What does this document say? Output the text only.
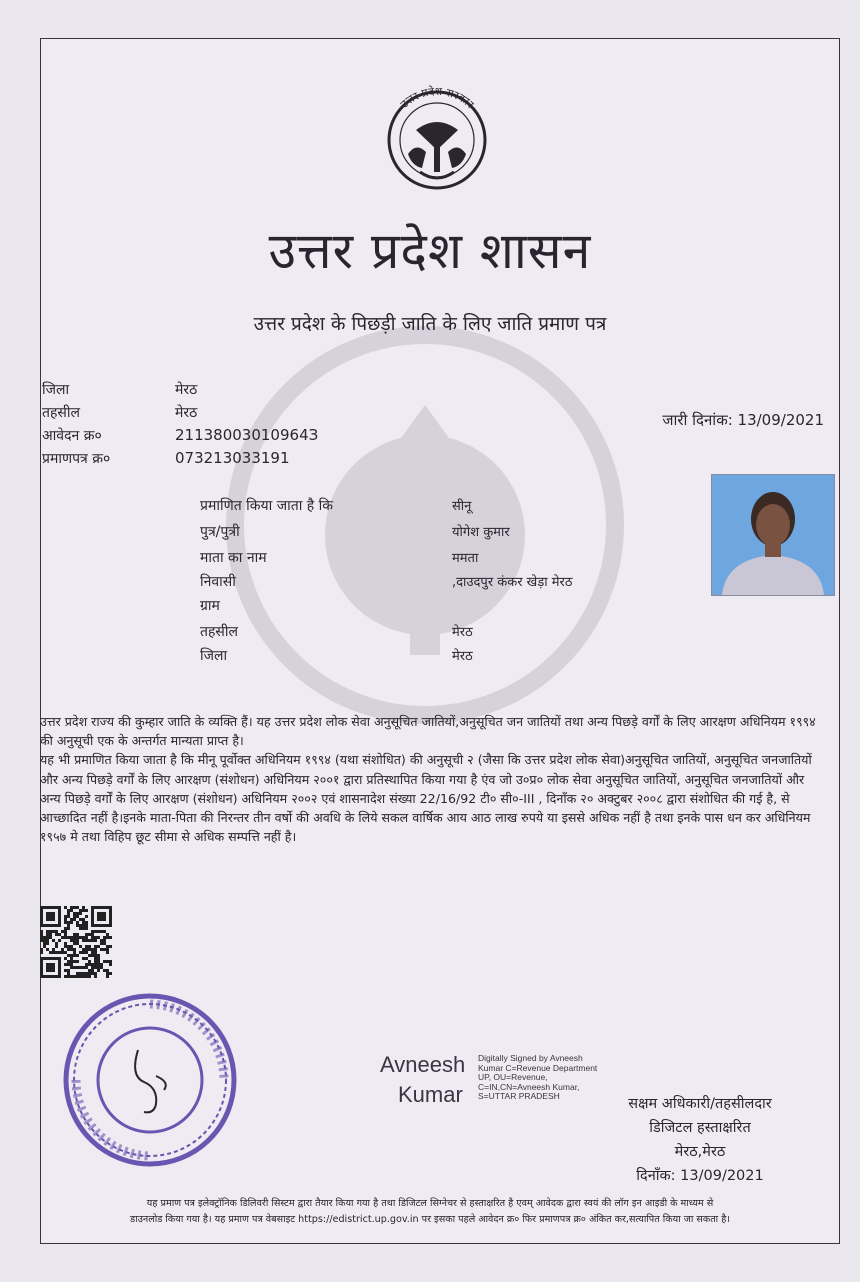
उत्तर प्रदेश सरकार
उत्तर प्रदेश शासन
उत्तर प्रदेश के पिछड़ी जाति के लिए जाति प्रमाण पत्र
जिला	मेरठ
तहसील	मेरठ
आवेदन क्र०	21138003010964З
प्रमाणपत्र क्र०	073213033191
जारी दिनांक: 13/09/2021
प्रमाणित किया जाता है कि	सीनू
पुत्र/पुत्री	योगेश कुमार
माता का नाम	ममता
निवासी	,दाउदपुर कंकर खेड़ा मेरठ
ग्राम
तहसील	मेरठ
जिला	मेरठ
उत्तर प्रदेश राज्य की कुम्हार जाति के व्यक्ति हैं। यह उत्तर प्रदेश लोक सेवा अनुसूचित जातियों,अनुसूचित जन जातियों तथा अन्य पिछड़े वर्गों के लिए आरक्षण अधिनियम १९९४ की अनुसूची एक के अन्तर्गत मान्यता प्राप्त है।
यह भी प्रमाणित किया जाता है कि मीनू पूर्वोक्त अधिनियम १९९४ (यथा संशोधित) की अनुसूची २ (जैसा कि उत्तर प्रदेश लोक सेवा)अनुसूचित जातियों, अनुसूचित जनजातियों और अन्य पिछड़े वर्गों के लिए आरक्षण (संशोधन) अधिनियम २००१ द्वारा प्रतिस्थापित किया गया है एंव जो उ०प्र० लोक सेवा अनुसूचित जातियों, अनुसूचित जनजातियों और अन्य पिछड़े वर्गों के लिए आरक्षण (संशोधन) अधिनियम २००२ एवं शासनादेश संख्या 22/16/92 टी० सी०-III , दिनाँक २० अक्टुबर २००८ द्वारा संशोधित की गई है, से आच्छादित नहीं है।इनके माता-पिता की निरन्तर तीन वर्षो की अवधि के लिये सकल वार्षिक आय आठ लाख रुपये या इससे अधिक नहीं है तथा इनके पास धन कर अधिनियम १९५७ मे तथा विहिप छूट सीमा से अधिक सम्पत्ति नहीं है।
Avneesh
Kumar
Digitally Signed by Avneesh Kumar C=Revenue Department UP, OU=Revenue, C=IN,CN=Avneesh Kumar, S=UTTAR PRADESH	सक्षम अधिकारी/तहसीलदार
डिजिटल हस्ताक्षरित
मेरठ,मेरठ
दिनाँक: 13/09/2021
यह प्रमाण पत्र इलेक्ट्रॉनिक डिलिवरी सिस्टम द्वारा तैयार किया गया है तथा डिजिटल सिग्नेचर से हस्ताक्षरित है एवम् आवेदक द्वारा स्वयं की लॉग इन आइडी के माध्यम से
डाउनलोड किया गया है। यह प्रमाण पत्र वेबसाइट https://edistrict.up.gov.in पर इसका पहले आवेदन क्र० फिर प्रमाणपत्र क्र० अंकित कर,सत्यापित किया जा सकता है।
